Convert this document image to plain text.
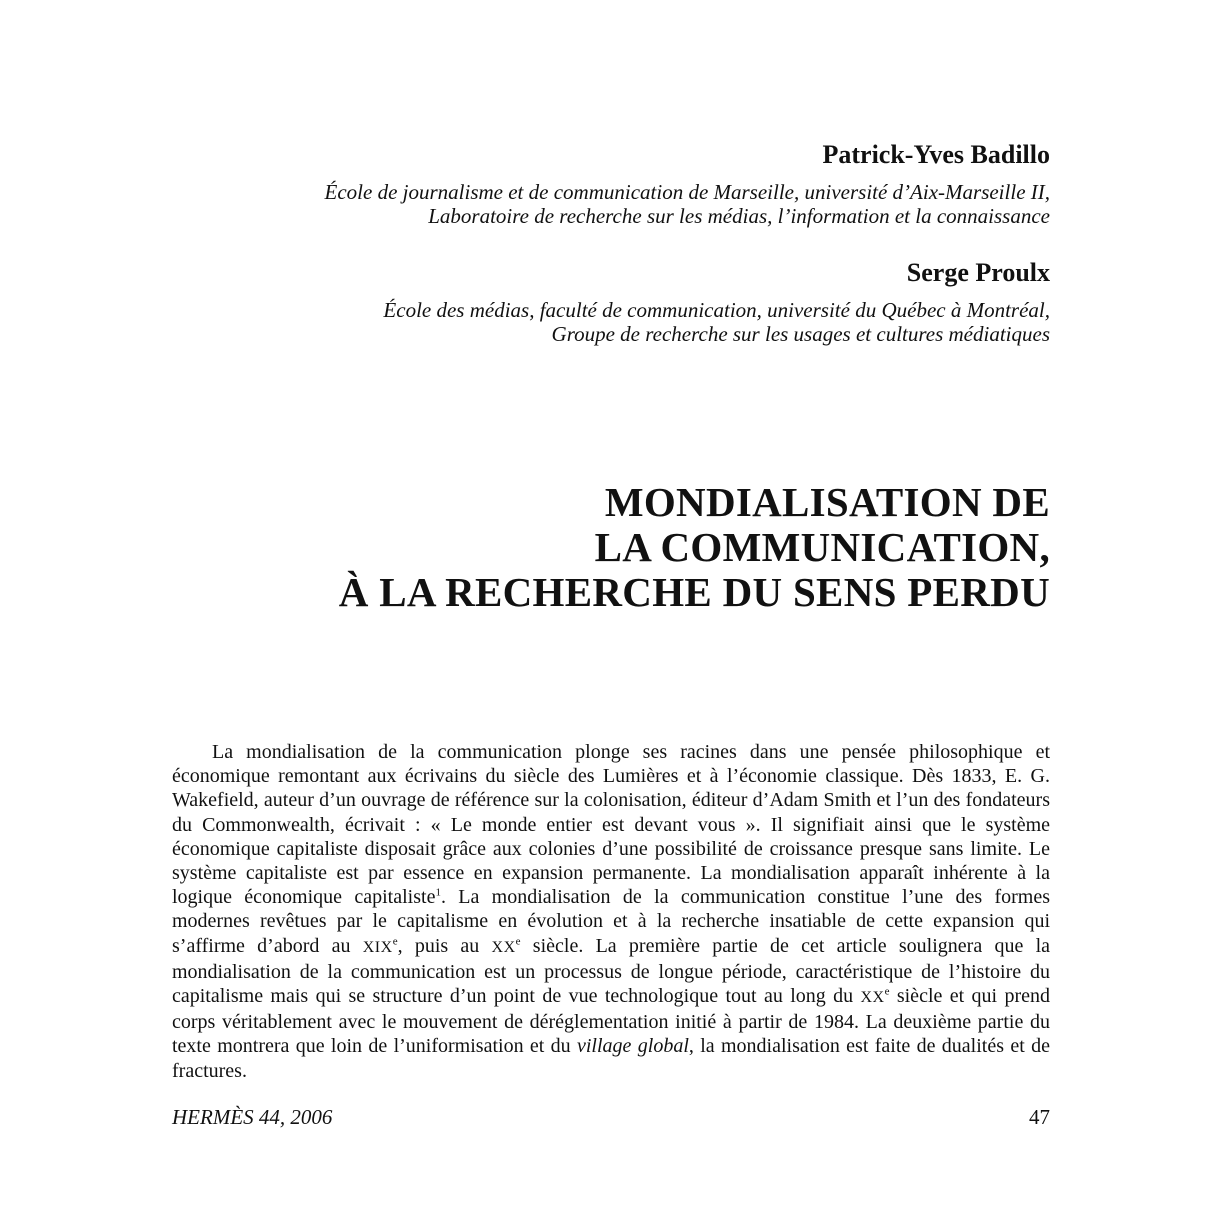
Patrick-Yves Badillo

École de journalisme et de communication de Marseille, université d’Aix-Marseille II,

Laboratoire de recherche sur les médias, l’information et la connaissance

Serge Proulx

École des médias, faculté de communication, université du Québec à Montréal,

Groupe de recherche sur les usages et cultures médiatiques

MONDIALISATION DE
LA COMMUNICATION,
À LA RECHERCHE DU SENS PERDU

La mondialisation de la communication plonge ses racines dans une pensée philosophique et économique remontant aux écrivains du siècle des Lumières et à l’économie classique. Dès 1833, E. G. Wakefield, auteur d’un ouvrage de référence sur la colonisation, éditeur d’Adam Smith et l’un des fondateurs du Commonwealth, écrivait : « Le monde entier est devant vous ». Il signifiait ainsi que le système économique capitaliste disposait grâce aux colonies d’une possibilité de croissance presque sans limite. Le système capitaliste est par essence en expansion permanente. La mondialisation apparaît inhérente à la logique économique capitaliste$^1$. La mondialisation de la communication constitue l’une des formes modernes revêtues par le capitalisme en évolution et à la recherche insatiable de cette expansion qui s’affirme d’abord au XIXe, puis au XXe siècle. La première partie de cet article soulignera que la mondialisation de la communication est un processus de longue période, caractéristique de l’histoire du capitalisme mais qui se structure d’un point de vue technologique tout au long du XXe siècle et qui prend corps véritablement avec le mouvement de déréglementation initié à partir de 1984. La deuxième partie du texte montrera que loin de l’uniformisation et du village global, la mondialisation est faite de dualités et de fractures.

HERMÈS 44, 2006	47
